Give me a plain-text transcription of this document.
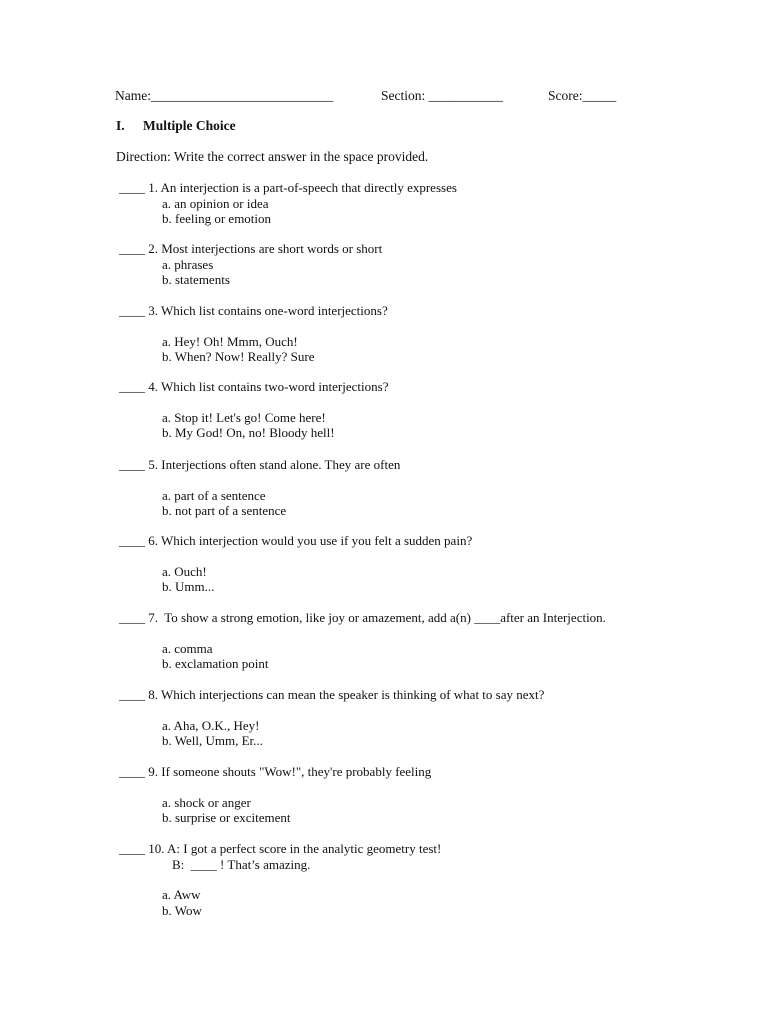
Name:___________________________	Section: ___________	Score:_____
I. Multiple Choice
Direction: Write the correct answer in the space provided.
____ 1. An interjection is a part-of-speech that directly expresses
a. an opinion or idea
b. feeling or emotion
____ 2. Most interjections are short words or short
a. phrases
b. statements
____ 3. Which list contains one-word interjections?
a. Hey! Oh! Mmm, Ouch!
b. When? Now! Really? Sure
____ 4. Which list contains two-word interjections?
a. Stop it! Let's go! Come here!
b. My God! On, no! Bloody hell!
____ 5. Interjections often stand alone. They are often
a. part of a sentence
b. not part of a sentence
____ 6. Which interjection would you use if you felt a sudden pain?
a. Ouch!
b. Umm...
____ 7.  To show a strong emotion, like joy or amazement, add a(n) ____after an Interjection.
a. comma
b. exclamation point
____ 8. Which interjections can mean the speaker is thinking of what to say next?
a. Aha, O.K., Hey!
b. Well, Umm, Er...
____ 9. If someone shouts "Wow!", they're probably feeling
a. shock or anger
b. surprise or excitement
____ 10. A: I got a perfect score in the analytic geometry test!
B:  ____ ! That’s amazing.
a. Aww
b. Wow
